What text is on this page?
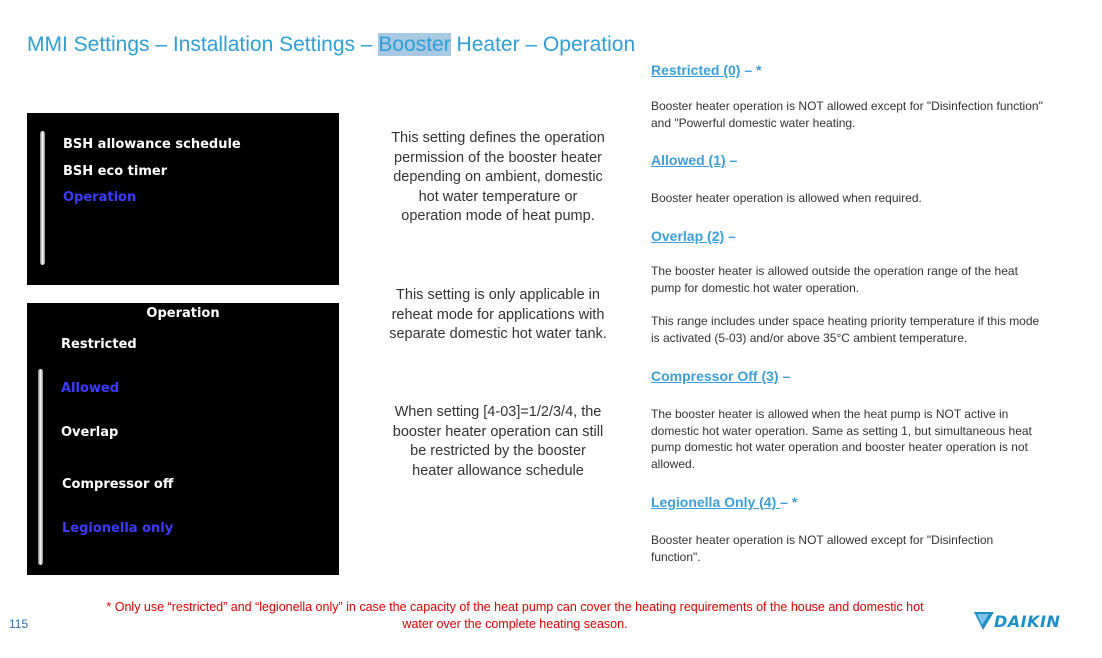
MMI Settings – Installation Settings – Booster Heater – Operation
BSH allowance schedule
BSH eco timer
Operation
Operation
Restricted
Allowed
Overlap
Compressor off
Legionella only
This setting defines the operation permission of the booster heater depending on ambient, domestic hot water temperature or operation mode of heat pump.
This setting is only applicable in reheat mode for applications with separate domestic hot water tank.
When setting [4-03]=1/2/3/4, the booster heater operation can still be restricted by the booster heater allowance schedule
Restricted (0) – *
Booster heater operation is NOT allowed except for "Disinfection function" and "Powerful domestic water heating.
Allowed (1) –
Booster heater operation is allowed when required.
Overlap (2) –
The booster heater is allowed outside the operation range of the heat pump for domestic hot water operation.
This range includes under space heating priority temperature if this mode is activated (5-03) and/or above 35°C ambient temperature.
Compressor Off (3) –
The booster heater is allowed when the heat pump is NOT active in domestic hot water operation. Same as setting 1, but simultaneous heat pump domestic hot water operation and booster heater operation is not allowed.
Legionella Only (4) – *
Booster heater operation is NOT allowed except for "Disinfection function".
* Only use “restricted” and “legionella only” in case the capacity of the heat pump can cover the heating requirements of the house and domestic hot water over the complete heating season.
115	DAIKIN
